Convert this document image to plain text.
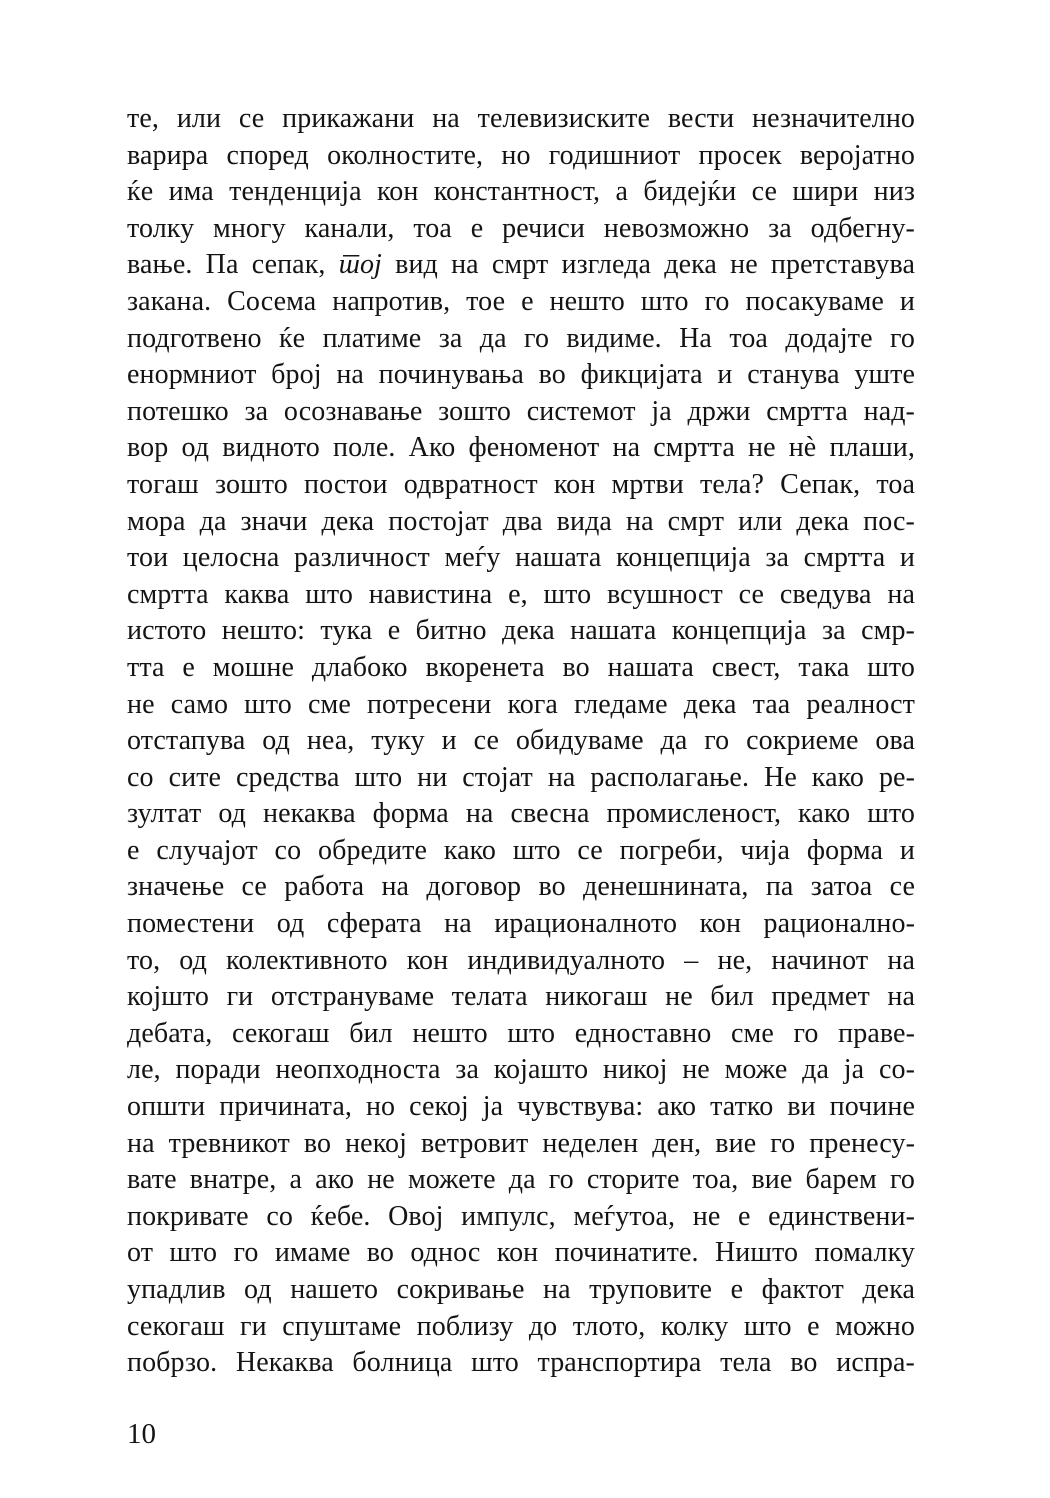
те, или се прикажани на телевизиските вести незначително
варира според околностите, но годишниот просек веројатно
ќе има тенденција кон константност, а бидејќи се шири низ
толку многу канали, тоа е речиси невозможно за одбегну-
вање. Па сепак, тој вид на смрт изгледа дека не претставува
закана. Сосема напротив, тое е нешто што го посакуваме и
подготвено ќе платиме за да го видиме. На тоа додајте го
енормниот број на починувања во фикцијата и станува уште
потешко за осознавање зошто системот ја држи смртта над-
вор од видното поле. Ако феноменот на смртта не нè плаши,
тогаш зошто постои одвратност кон мртви тела? Сепак, тоа
мора да значи дека постојат два вида на смрт или дека пос-
тои целосна различност меѓу нашата концепција за смртта и
смртта каква што навистина е, што всушност се сведува на
истото нешто: тука е битно дека нашата концепција за смр-
тта е мошне длабоко вкоренета во нашата свест, така што
не само што сме потресени кога гледаме дека таа реалност
отстапува од неа, туку и се обидуваме да го сокриеме ова
со сите средства што ни стојат на располагање. Не како ре-
зултат од некаква форма на свесна промисленост, како што
е случајот со обредите како што се погреби, чија форма и
значење се работа на договор во денешнината, па затоа се
поместени од сферата на ирационалното кон рационално-
то, од колективното кон индивидуалното – не, начинот на
којшто ги отстрануваме телата никогаш не бил предмет на
дебата, секогаш бил нешто што едноставно сме го праве-
ле, поради неопходноста за којашто никој не може да ја со-
општи причината, но секој ја чувствува: ако татко ви почине
на тревникот во некој ветровит неделен ден, вие го пренесу-
вате внатре, а ако не можете да го сторите тоа, вие барем го
покривате со ќебе. Овој импулс, меѓутоа, не е единствени-
от што го имаме во однос кон починатите. Ништо помалку
упадлив од нашето сокривање на труповите е фактот дека
секогаш ги спуштаме поблизу до тлото, колку што е можно
побрзо. Некаква болница што транспортира тела во испра-
10
